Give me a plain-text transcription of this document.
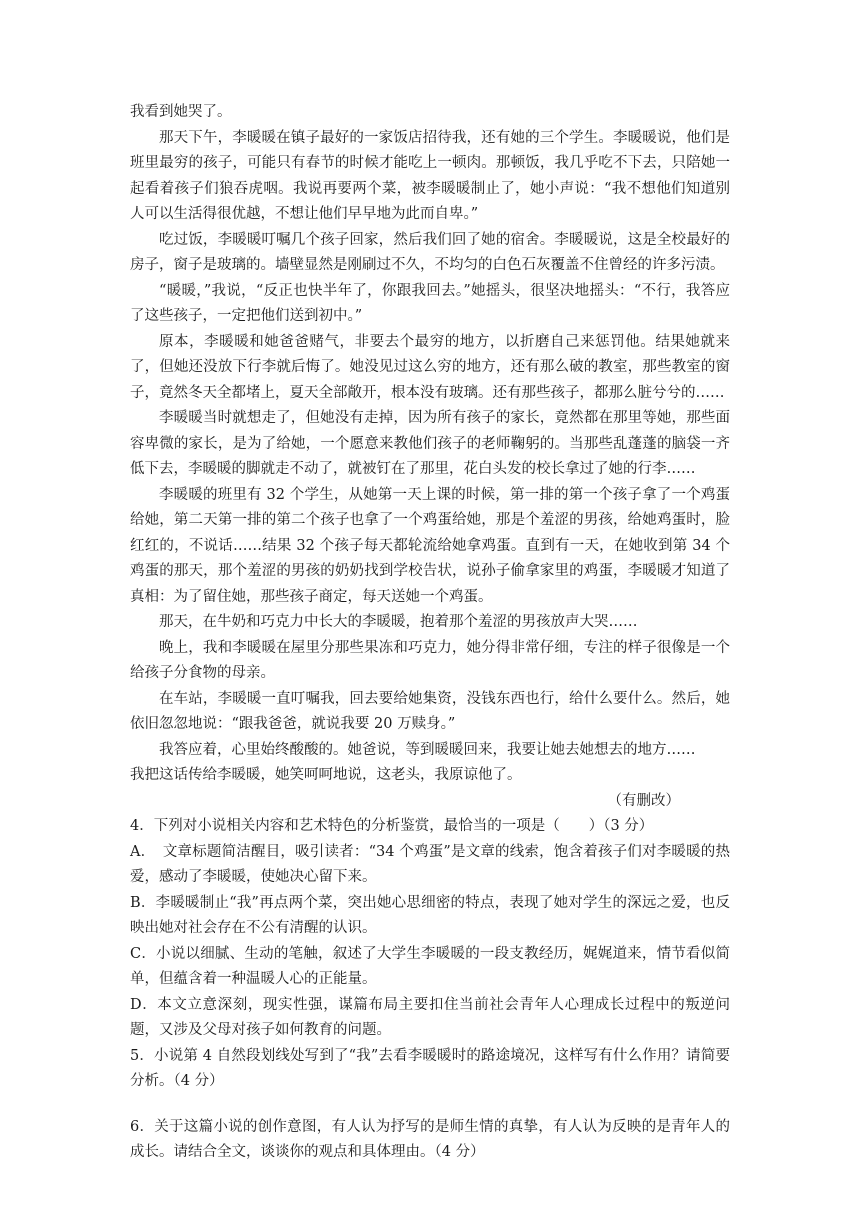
我看到她哭了。

那天下午，李暖暖在镇子最好的一家饭店招待我，还有她的三个学生。李暖暖说，他们是班里最穷的孩子，可能只有春节的时候才能吃上一顿肉。那顿饭，我几乎吃不下去，只陪她一起看着孩子们狼吞虎咽。我说再要两个菜，被李暖暖制止了，她小声说：“我不想他们知道别人可以生活得很优越，不想让他们早早地为此而自卑。”

吃过饭，李暖暖叮嘱几个孩子回家，然后我们回了她的宿舍。李暖暖说，这是全校最好的房子，窗子是玻璃的。墙壁显然是刚刷过不久，不均匀的白色石灰覆盖不住曾经的许多污渍。

“暖暖，”我说，“反正也快半年了，你跟我回去。”她摇头，很坚决地摇头：“不行，我答应了这些孩子，一定把他们送到初中。”

原本，李暖暖和她爸爸赌气，非要去个最穷的地方，以折磨自己来惩罚他。结果她就来了，但她还没放下行李就后悔了。她没见过这么穷的地方，还有那么破的教室，那些教室的窗子，竟然冬天全都堵上，夏天全部敞开，根本没有玻璃。还有那些孩子，都那么脏兮兮的……

李暖暖当时就想走了，但她没有走掉，因为所有孩子的家长，竟然都在那里等她，那些面容卑微的家长，是为了给她，一个愿意来教他们孩子的老师鞠躬的。当那些乱蓬蓬的脑袋一齐低下去，李暖暖的脚就走不动了，就被钉在了那里，花白头发的校长拿过了她的行李……

李暖暖的班里有 32 个学生，从她第一天上课的时候，第一排的第一个孩子拿了一个鸡蛋给她，第二天第一排的第二个孩子也拿了一个鸡蛋给她，那是个羞涩的男孩，给她鸡蛋时，脸红红的，不说话……结果 32 个孩子每天都轮流给她拿鸡蛋。直到有一天，在她收到第 34 个鸡蛋的那天，那个羞涩的男孩的奶奶找到学校告状，说孙子偷拿家里的鸡蛋，李暖暖才知道了真相：为了留住她，那些孩子商定，每天送她一个鸡蛋。

那天，在牛奶和巧克力中长大的李暖暖，抱着那个羞涩的男孩放声大哭……

晚上，我和李暖暖在屋里分那些果冻和巧克力，她分得非常仔细，专注的样子很像是一个给孩子分食物的母亲。

在车站，李暖暖一直叮嘱我，回去要给她集资，没钱东西也行，给什么要什么。然后，她依旧忽忽地说：“跟我爸爸，就说我要 20 万赎身。”

我答应着，心里始终酸酸的。她爸说，等到暖暖回来，我要让她去她想去的地方……

我把这话传给李暖暖，她笑呵呵地说，这老头，我原谅他了。

（有删改）

4．下列对小说相关内容和艺术特色的分析鉴赏，最恰当的一项是（　　）（3 分）

A．　文章标题简洁醒目，吸引读者：“34 个鸡蛋”是文章的线索，饱含着孩子们对李暖暖的热爱，感动了李暖暖，使她决心留下来。

B．李暖暖制止“我”再点两个菜，突出她心思细密的特点，表现了她对学生的深远之爱，也反映出她对社会存在不公有清醒的认识。

C．小说以细腻、生动的笔触，叙述了大学生李暖暖的一段支教经历，娓娓道来，情节看似简单，但蕴含着一种温暖人心的正能量。

D．本文立意深刻，现实性强，谋篇布局主要扣住当前社会青年人心理成长过程中的叛逆问题，又涉及父母对孩子如何教育的问题。

5．小说第 4 自然段划线处写到了“我”去看李暖暖时的路途境况，这样写有什么作用？请简要分析。（4 分）

6．关于这篇小说的创作意图，有人认为抒写的是师生情的真挚，有人认为反映的是青年人的成长。请结合全文，谈谈你的观点和具体理由。（4 分）
